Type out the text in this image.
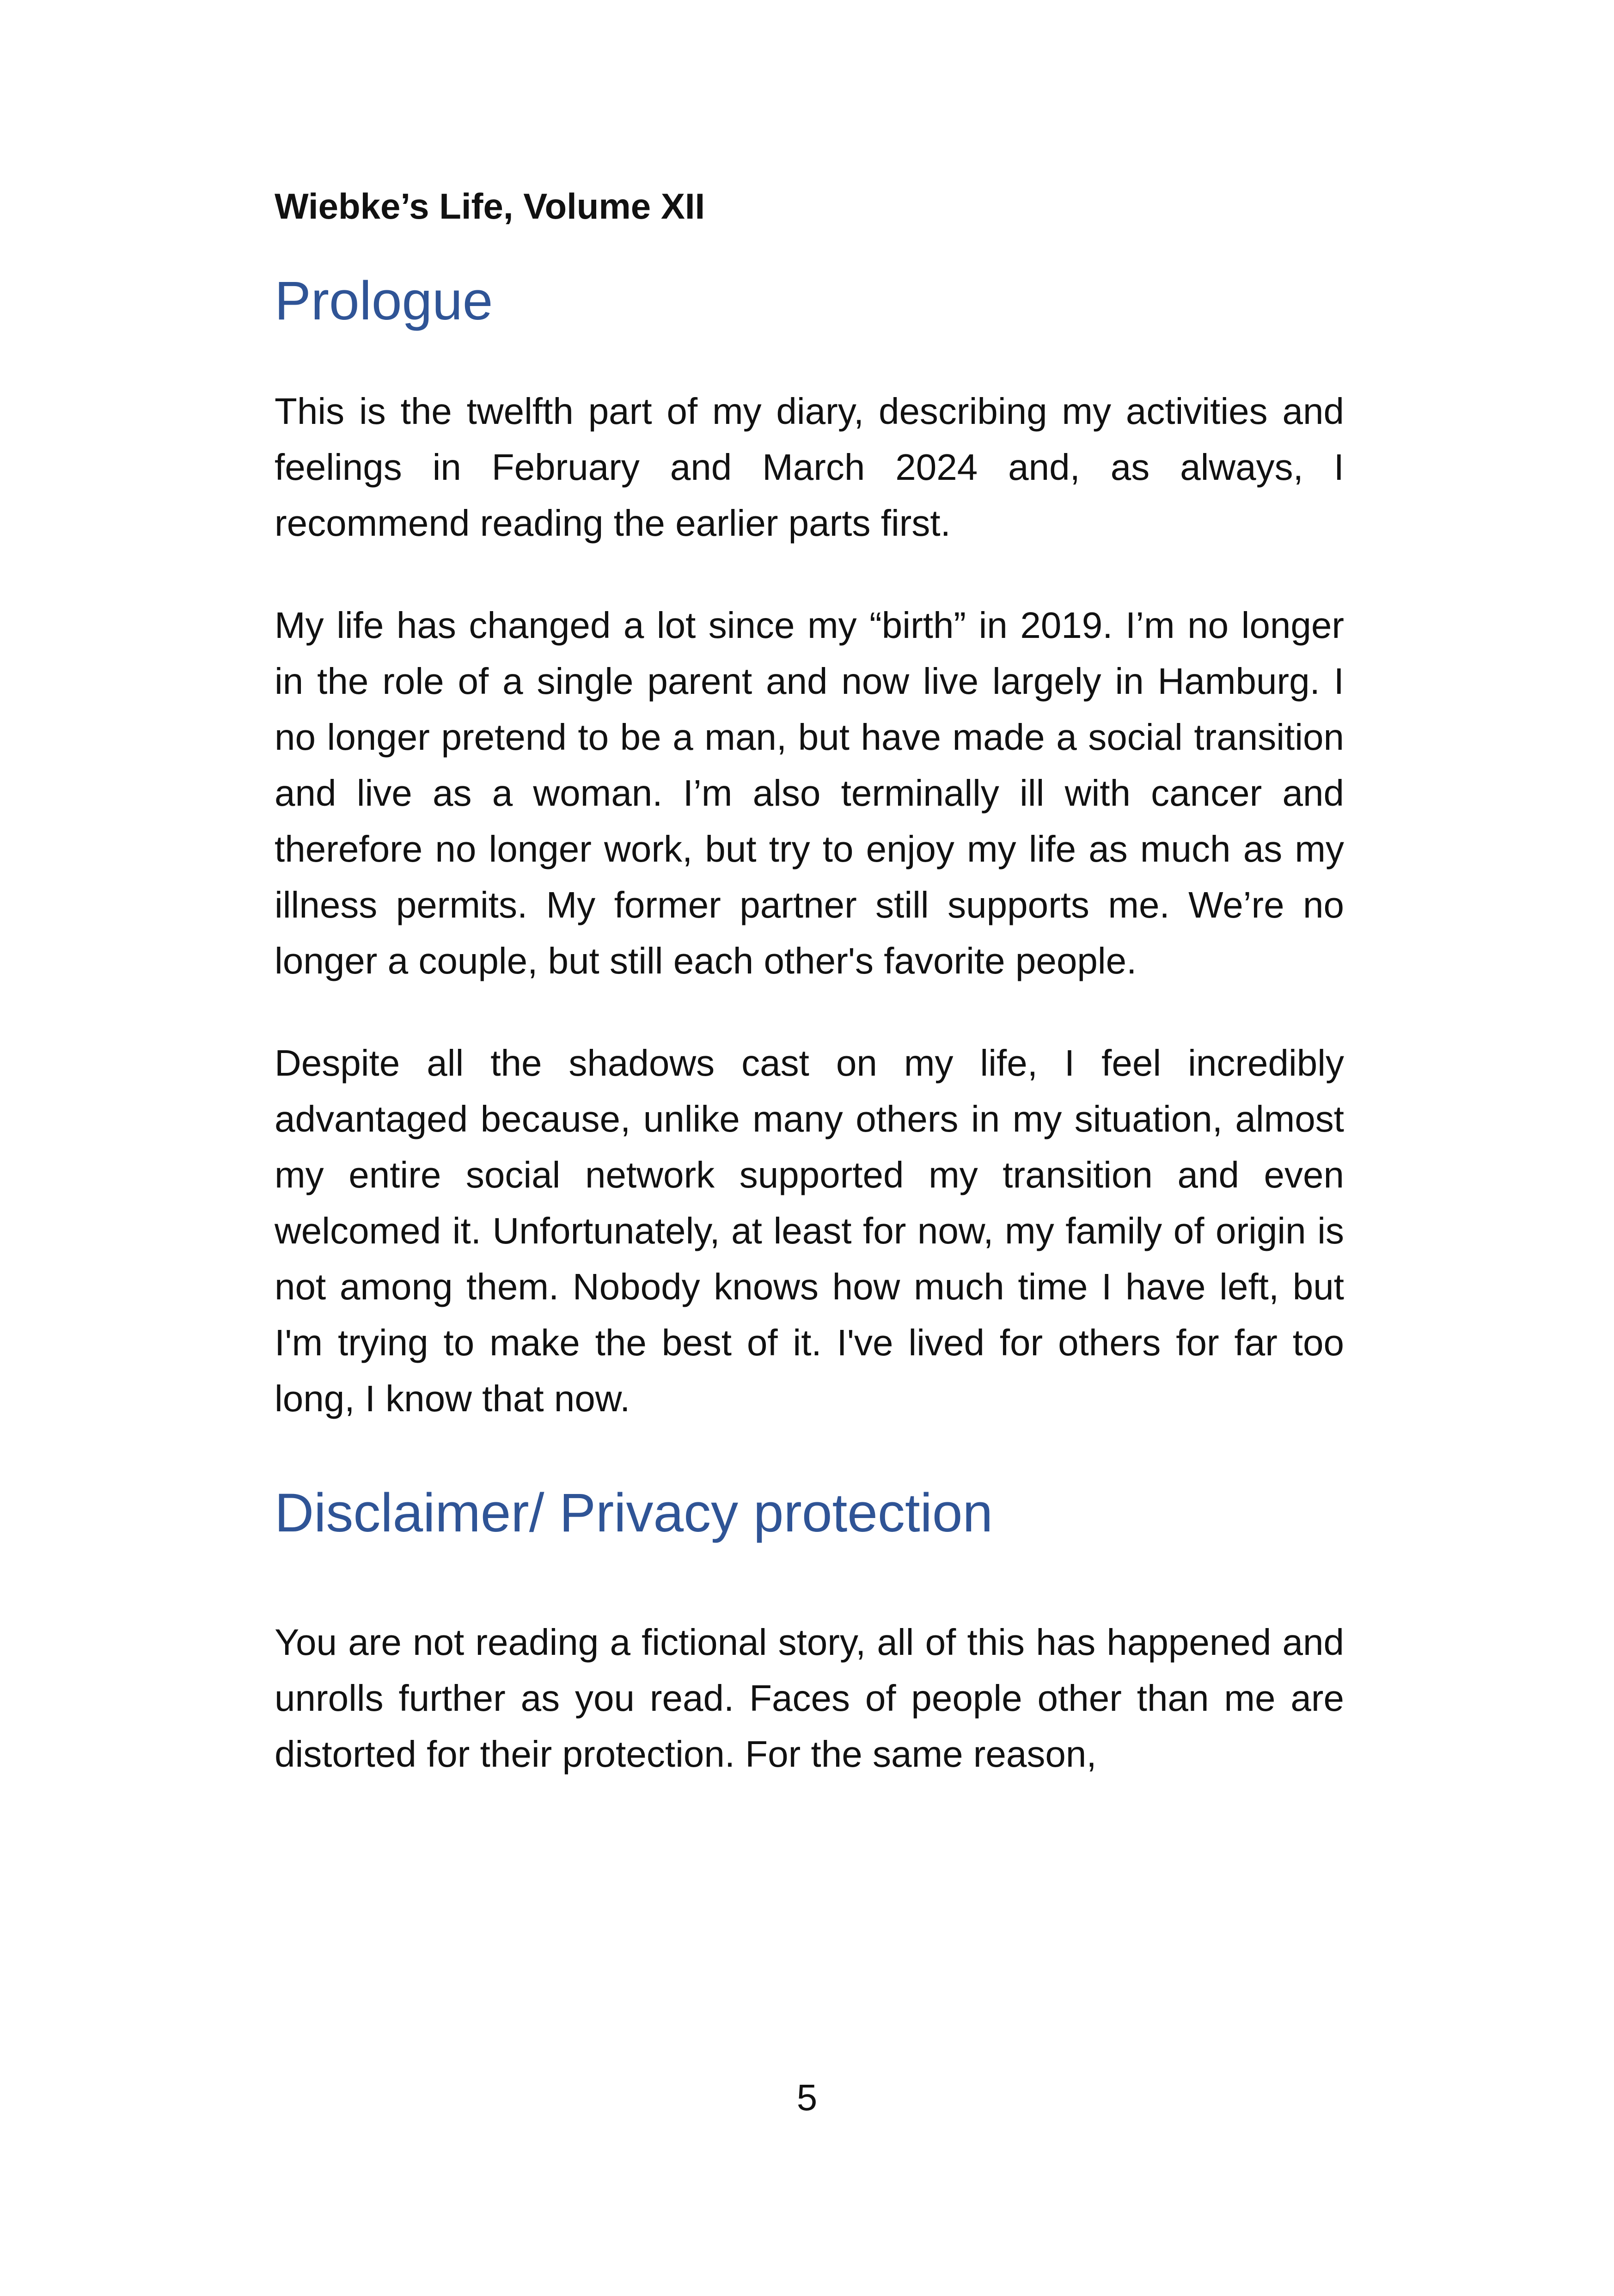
Wiebke’s Life, Volume XII
Prologue

This is the twelfth part of my diary, describing my activities and feelings in February and March 2024 and, as always, I recommend reading the earlier parts first.

My life has changed a lot since my “birth” in 2019. I’m no longer in the role of a single parent and now live largely in Hamburg. I no longer pretend to be a man, but have made a social transition and live as a woman. I’m also terminally ill with cancer and therefore no longer work, but try to enjoy my life as much as my illness permits. My former partner still supports me. We’re no longer a couple, but still each other's favorite people.

Despite all the shadows cast on my life, I feel incredibly advantaged because, unlike many others in my situation, almost my entire social network supported my transition and even welcomed it. Unfortunately, at least for now, my family of origin is not among them. Nobody knows how much time I have left, but I'm trying to make the best of it. I've lived for others for far too long, I know that now.

Disclaimer/ Privacy protection

You are not reading a fictional story, all of this has happened and unrolls further as you read. Faces of people other than me are distorted for their protection. For the same reason,

5
